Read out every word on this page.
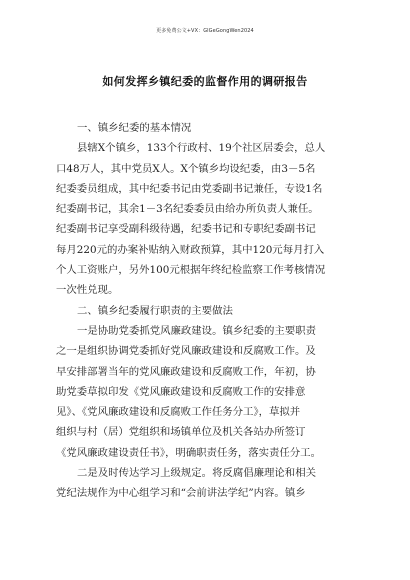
更多免费公文+VX：GlGeGongWen2024
如何发挥乡镇纪委的监督作用的调研报告
一、镇乡纪委的基本情况
县辖X个镇乡，133个行政村、19个社区居委会，总人
口48万人，其中党员X人。X个镇乡均设纪委，由3－5名
纪委委员组成，其中纪委书记由党委副书记兼任，专设1名
纪委副书记，其余1－3名纪委委员由给办所负责人兼任。
纪委副书记享受副科级待遇，纪委书记和专职纪委副书记
每月220元的办案补贴纳入财政预算，其中120元每月打入
个人工资账户，另外100元根据年终纪检监察工作考核情况
一次性兑现。
二、镇乡纪委履行职责的主要做法
一是协助党委抓党风廉政建设。镇乡纪委的主要职责
之一是组织协调党委抓好党风廉政建设和反腐败工作。及
早安排部署当年的党风廉政建设和反腐败工作，年初，协
助党委草拟印发《党风廉政建设和反腐败工作的安排意
见》、《党风廉政建设和反腐败工作任务分工》，草拟并
组织与村（居）党组织和场镇单位及机关各站办所签订
《党风廉政建设责任书》，明确职责任务，落实责任分工。
二是及时传达学习上级规定。将反腐倡廉理论和相关
党纪法规作为中心组学习和“会前讲法学纪”内容。镇乡
